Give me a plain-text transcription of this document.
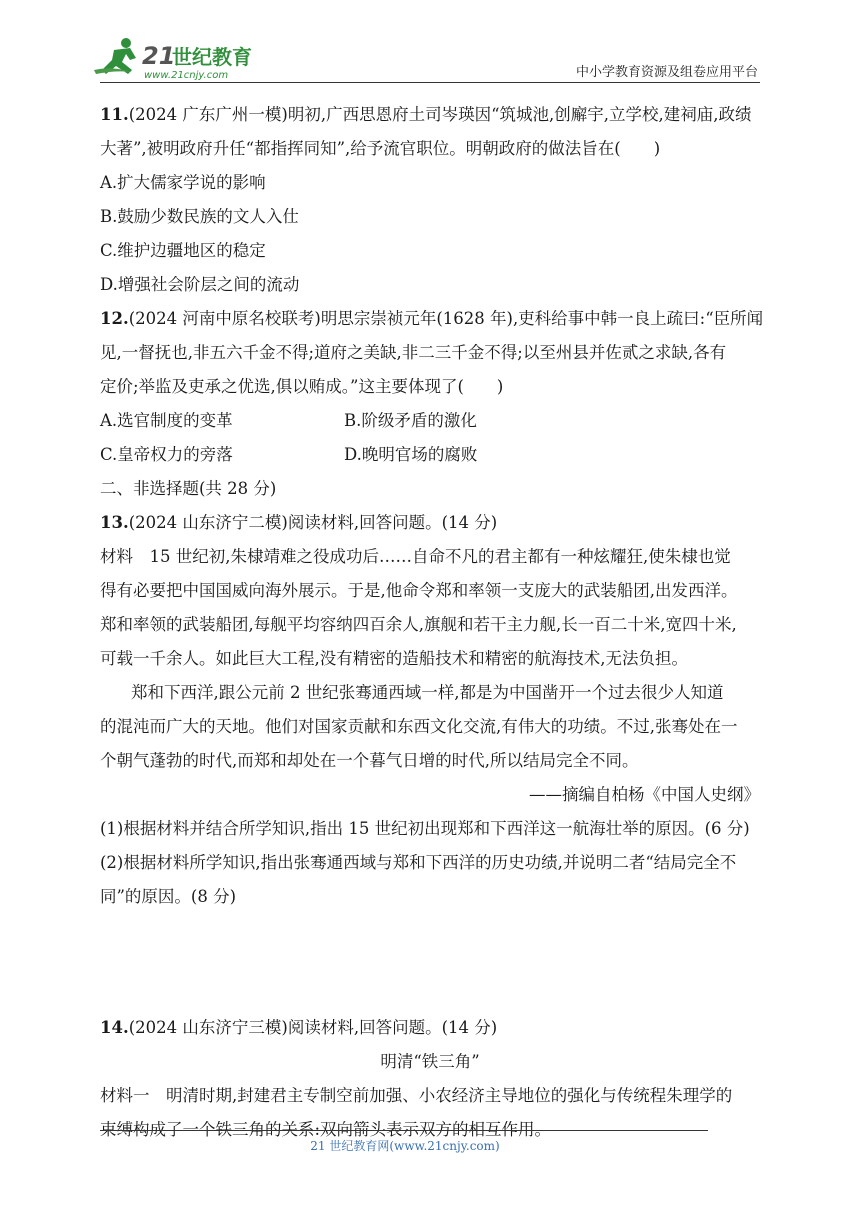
21
世纪教育
www.21cnjy.com	中小学教育资源及组卷应用平台
11.(2024 广东广州一模)明初,广西思恩府土司岑瑛因“筑城池,创廨宇,立学校,建祠庙,政绩
大著”,被明政府升任“都指挥同知”,给予流官职位。明朝政府的做法旨在(　　)
A.扩大儒家学说的影响
B.鼓励少数民族的文人入仕
C.维护边疆地区的稳定
D.增强社会阶层之间的流动
12.(2024 河南中原名校联考)明思宗崇祯元年(1628 年),吏科给事中韩一良上疏曰:“臣所闻
见,一督抚也,非五六千金不得;道府之美缺,非二三千金不得;以至州县并佐贰之求缺,各有
定价;举监及吏承之优选,俱以贿成。”这主要体现了(　　)
A.选官制度的变革	B.阶级矛盾的激化
C.皇帝权力的旁落	D.晚明官场的腐败
二、非选择题(共 28 分)
13.(2024 山东济宁二模)阅读材料,回答问题。(14 分)
材料　15 世纪初,朱棣靖难之役成功后……自命不凡的君主都有一种炫耀狂,使朱棣也觉
得有必要把中国国威向海外展示。于是,他命令郑和率领一支庞大的武装船团,出发西洋。
郑和率领的武装船团,每舰平均容纳四百余人,旗舰和若干主力舰,长一百二十米,宽四十米,
可载一千余人。如此巨大工程,没有精密的造船技术和精密的航海技术,无法负担。
郑和下西洋,跟公元前 2 世纪张骞通西域一样,都是为中国凿开一个过去很少人知道
的混沌而广大的天地。他们对国家贡献和东西文化交流,有伟大的功绩。不过,张骞处在一
个朝气蓬勃的时代,而郑和却处在一个暮气日增的时代,所以结局完全不同。
——摘编自柏杨《中国人史纲》
(1)根据材料并结合所学知识,指出 15 世纪初出现郑和下西洋这一航海壮举的原因。(6 分)
(2)根据材料所学知识,指出张骞通西域与郑和下西洋的历史功绩,并说明二者“结局完全不
同”的原因。(8 分)
14.(2024 山东济宁三模)阅读材料,回答问题。(14 分)
明清“铁三角”
材料一　明清时期,封建君主专制空前加强、小农经济主导地位的强化与传统程朱理学的
束缚构成了一个铁三角的关系:双向箭头表示双方的相互作用。
21 世纪教育网(www.21cnjy.com)
